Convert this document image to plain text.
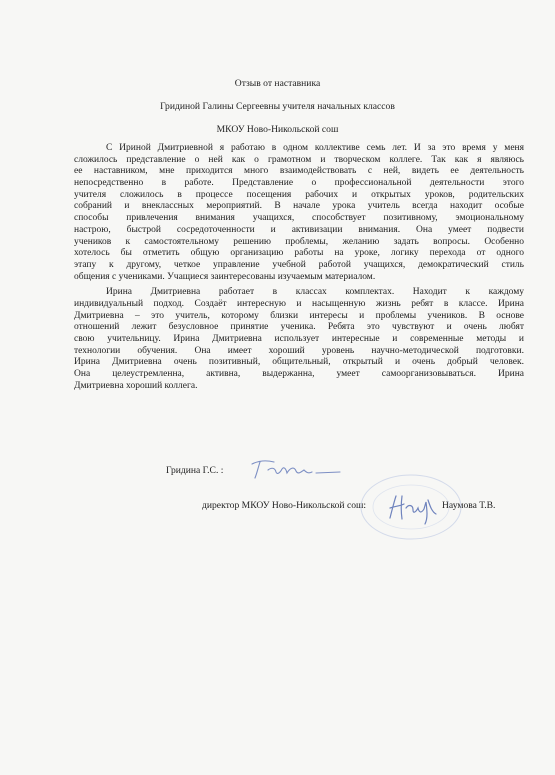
Отзыв от наставника
Гридиной Галины Сергеевны учителя начальных классов
МКОУ Ново-Никольской сош
С Ириной Дмитриевной я работаю в одном коллективе семь лет. И за это время у меня
сложилось представление о ней как о грамотном и творческом коллеге. Так как я являюсь
ее наставником, мне приходится много взаимодействовать с ней, видеть ее деятельность
непосредственно в работе. Представление о профессиональной деятельности этого
учителя сложилось в процессе посещения рабочих и открытых уроков, родительских
собраний и внеклассных мероприятий. В начале урока учитель всегда находит особые
способы привлечения внимания учащихся, способствует позитивному, эмоциональному
настрою, быстрой сосредоточенности и активизации внимания. Она умеет подвести
учеников к самостоятельному решению проблемы, желанию задать вопросы. Особенно
хотелось бы отметить общую организацию работы на уроке, логику перехода от одного
этапу к другому, четкое управление учебной работой учащихся, демократический стиль
общения с учениками. Учащиеся заинтересованы изучаемым материалом.
Ирина Дмитриевна работает в классах комплектах. Находит к каждому
индивидуальный подход. Создаёт интересную и насыщенную жизнь ребят в классе. Ирина
Дмитриевна – это учитель, которому близки интересы и проблемы учеников. В основе
отношений лежит безусловное принятие ученика. Ребята это чувствуют и очень любят
свою учительницу. Ирина Дмитриевна использует интересные и современные методы и
технологии обучения. Она имеет хороший уровень научно-методической подготовки.
Ирина Дмитриевна очень позитивный, общительный, открытый и очень добрый человек.
Она целеустремленна, активна, выдержанна, умеет самоорганизовываться. Ирина
Дмитриевна хороший коллега.
Гридина Г.С. :
директор МКОУ Ново-Никольской сош:	Наумова Т.В.
